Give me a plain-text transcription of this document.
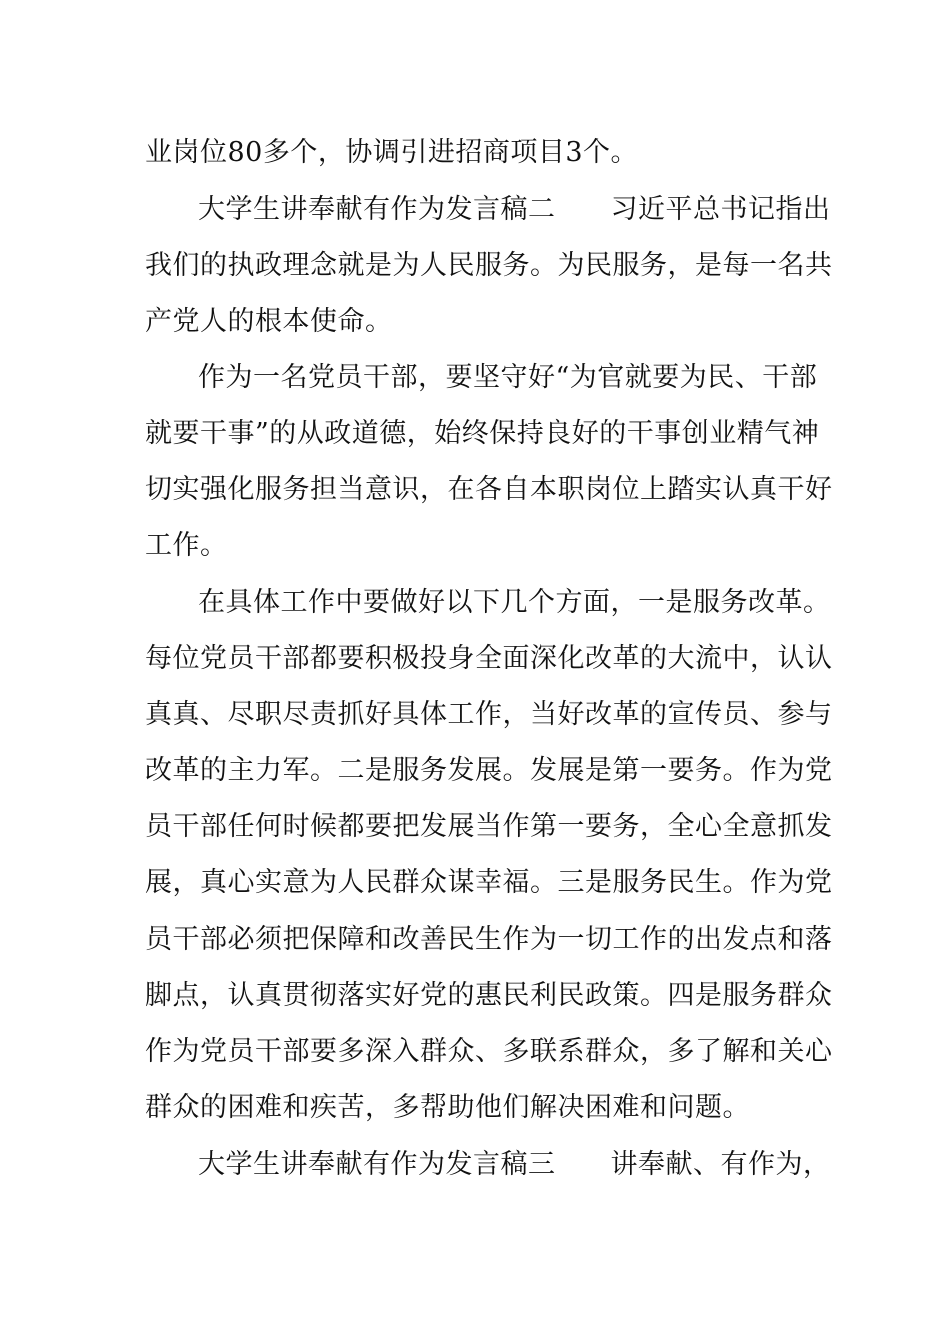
业岗位80多个，协调引进招商项目3个。
大学生讲奉献有作为发言稿二　　习近平总书记指出
我们的执政理念就是为人民服务。为民服务，是每一名共
产党人的根本使命。
作为一名党员干部，要坚守好“为官就要为民、干部
就要干事”的从政道德，始终保持良好的干事创业精气神
切实强化服务担当意识，在各自本职岗位上踏实认真干好
工作。
在具体工作中要做好以下几个方面，一是服务改革。
每位党员干部都要积极投身全面深化改革的大流中，认认
真真、尽职尽责抓好具体工作，当好改革的宣传员、参与
改革的主力军。二是服务发展。发展是第一要务。作为党
员干部任何时候都要把发展当作第一要务，全心全意抓发
展，真心实意为人民群众谋幸福。三是服务民生。作为党
员干部必须把保障和改善民生作为一切工作的出发点和落
脚点，认真贯彻落实好党的惠民利民政策。四是服务群众
作为党员干部要多深入群众、多联系群众，多了解和关心
群众的困难和疾苦，多帮助他们解决困难和问题。
大学生讲奉献有作为发言稿三　　讲奉献、有作为，
